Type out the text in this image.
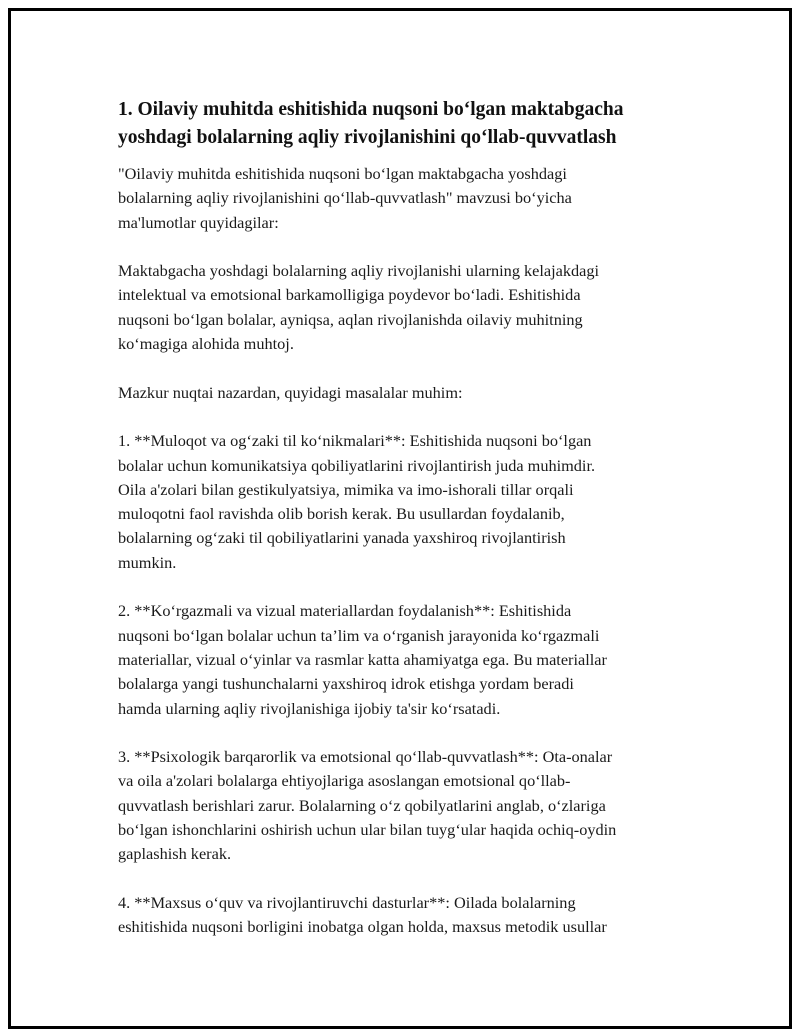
1. Oilaviy muhitda eshitishida nuqsoni bo‘lgan maktabgacha
yoshdagi bolalarning aqliy rivojlanishini qo‘llab-quvvatlash

"Oilaviy muhitda eshitishida nuqsoni bo‘lgan maktabgacha yoshdagi
bolalarning aqliy rivojlanishini qo‘llab-quvvatlash" mavzusi bo‘yicha
ma'lumotlar quyidagilar:

Maktabgacha yoshdagi bolalarning aqliy rivojlanishi ularning kelajakdagi
intelektual va emotsional barkamolligiga poydevor bo‘ladi. Eshitishida
nuqsoni bo‘lgan bolalar, ayniqsa, aqlan rivojlanishda oilaviy muhitning
ko‘magiga alohida muhtoj.

Mazkur nuqtai nazardan, quyidagi masalalar muhim:

1. **Muloqot va og‘zaki til ko‘nikmalari**: Eshitishida nuqsoni bo‘lgan
bolalar uchun komunikatsiya qobiliyatlarini rivojlantirish juda muhimdir.
Oila a'zolari bilan gestikulyatsiya, mimika va imo-ishorali tillar orqali
muloqotni faol ravishda olib borish kerak. Bu usullardan foydalanib,
bolalarning og‘zaki til qobiliyatlarini yanada yaxshiroq rivojlantirish
mumkin.

2. **Ko‘rgazmali va vizual materiallardan foydalanish**: Eshitishida
nuqsoni bo‘lgan bolalar uchun ta’lim va o‘rganish jarayonida ko‘rgazmali
materiallar, vizual o‘yinlar va rasmlar katta ahamiyatga ega. Bu materiallar
bolalarga yangi tushunchalarni yaxshiroq idrok etishga yordam beradi
hamda ularning aqliy rivojlanishiga ijobiy ta'sir ko‘rsatadi.

3. **Psixologik barqarorlik va emotsional qo‘llab-quvvatlash**: Ota-onalar
va oila a'zolari bolalarga ehtiyojlariga asoslangan emotsional qo‘llab-
quvvatlash berishlari zarur. Bolalarning o‘z qobilyatlarini anglab, o‘zlariga
bo‘lgan ishonchlarini oshirish uchun ular bilan tuyg‘ular haqida ochiq-oydin
gaplashish kerak.

4. **Maxsus o‘quv va rivojlantiruvchi dasturlar**: Oilada bolalarning
eshitishida nuqsoni borligini inobatga olgan holda, maxsus metodik usullar
